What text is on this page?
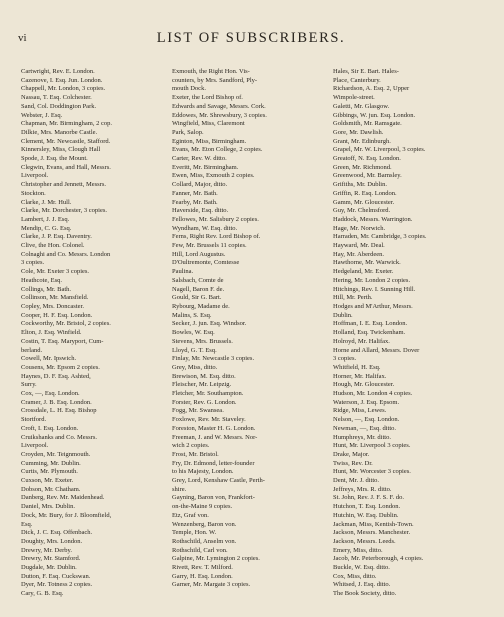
vi	LIST OF SUBSCRIBERS.
Cartwright, Rev. E. London.
Cazenove, I. Esq. Jun. London.
Chappell, Mr. London, 3 copies.
Nassau, T. Esq. Colchester.
Sand, Col. Doddington Park.
Webster, J. Esq.
Chapman, Mr. Birmingham, 2 cop.
Dilkie, Mrs. Manorbe Castle.
Clement, Mr. Newcastle, Stafford.
Kinnersley, Miss, Clough Hall
Spode, J. Esq. the Mount.
Clegwin, Evans, and Hall, Messrs.
Liverpool.
Christopher and Jennett, Messrs.
Stockton.
Clarke, J. Mr. Hull.
Clarke, Mr. Dorchester, 3 copies.
Lambert, J. J. Esq.
Mendip, C. G. Esq.
Clarke, J. P. Esq. Daventry.
Clive, the Hon. Colonel.
Colnaghi and Co. Messrs. London
3 copies.
Cole, Mr. Exeter 3 copies.
Heathcote, Esq.
Collings, Mr. Bath.
Collinson, Mr. Mansfield.
Copley, Mrs. Doncaster.
Cooper, H. F. Esq. London.
Cockworthy, Mr. Bristol, 2 copies.
Elton, J. Esq. Winfield.
Costin, T. Esq. Maryport, Cum-
berland.
Cowell, Mr. Ipswich.
Cousens, Mr. Epsom 2 copies.
Haynes, D. F. Esq. Ashted,
Surry.
Cox, —, Esq. London.
Cramer, J. B. Esq. London.
Crossdale, L. H. Esq. Bishop
Stortford.
Croft, I. Esq. London.
Cruikshanks and Co. Messrs.
Liverpool.
Croyden, Mr. Teignmouth.
Cumming, Mr. Dublin.
Curtis, Mr. Plymouth.
Cuxson, Mr. Exeter.
Dobson, Mr. Chatham.
Danberg, Rev. Mr. Maidenhead.
Daniel, Mrs. Dublin.
Dock, Mr. Bury, for J. Bloomfield,
Esq.
Dick, J. C. Esq. Offenbach.
Doughty, Mrs. London.
Drewry, Mr. Derby.
Drewry, Mr. Stamford.
Dugdale, Mr. Dublin.
Dutton, F. Esq. Cuckswan.
Dyer, Mr. Totness 2 copies.
Cary, G. B. Esq.
Exmouth, the Right Hon. Vis-
counters, by Mrs. Sandford, Ply-
mouth Dock.
Exeter, the Lord Bishop of.
Edwards and Savage, Messrs. Cork.
Eddowes, Mr. Shrewsbury, 3 copies.
Wingfield, Miss, Claremont
Park, Salop.
Eginton, Miss, Birmingham.
Evans, Mr. Eton College, 2 copies.
Carter, Rev. W. ditto.
Everitt, Mr. Birmingham.
Ewen, Miss, Exmouth 2 copies.
Collard, Major, ditto.
Fanner, Mr. Bath.
Fearby, Mr. Bath.
Haverside, Esq. ditto.
Fellowes, Mr. Salisbury 2 copies.
Wyndham, W. Esq. ditto.
Ferns, Right Rev. Lord Bishop of.
Few, Mr. Brussels 11 copies.
Hill, Lord Augustus.
D'Oultremonte, Comtesse
Paulina.
Salsbach, Comte de
Nagell, Baron F. de.
Gould, Sir G. Bart.
Rybourg, Madame de.
Malins, S. Esq.
Secker, J. jun. Esq. Windsor.
Bowles, W. Esq.
Stevens, Mrs. Brussels.
Lloyd, G. T. Esq.
Finlay, Mr. Newcastle 3 copies.
Grey, Miss, ditto.
Brewison, M. Esq. ditto.
Fleischer, Mr. Leipzig.
Fletcher, Mr. Southampton.
Forster, Rev. G. London.
Fogg, Mr. Swansea.
Foxlowe, Rev. Mr. Staveley.
Foreston, Master H. G. London.
Freeman, J. and W. Messrs. Nor-
wich 2 copies.
Frost, Mr. Bristol.
Fry, Dr. Edmond, letter-founder
to his Majesty, London.
Grey, Lord, Kenshaw Castle, Perth-
shire.
Gayning, Baron von, Frankfort-
on-the-Maine 9 copies.
Etz, Graf von.
Wenzenberg, Baron von.
Temple, Hon. W.
Rothschild, Anselm von.
Rothschild, Carl von.
Galpine, Mr. Lymington 2 copies.
Rivett, Rev. T. Milford.
Garry, H. Esq. London.
Garner, Mr. Margate 3 copies.
Hales, Sir E. Bart. Hales-
Place, Canterbury.
Richardson, A. Esq. 2, Upper
Wimpole-street.
Galetti, Mr. Glasgow.
Gibbings, W. jun. Esq. London.
Goldsmith, Mr. Ramsgate.
Gore, Mr. Dawlish.
Grant, Mr. Edinburgh.
Grapel, Mr. W. Liverpool, 3 copies.
Greatoff, N. Esq. London.
Green, Mr. Richmond.
Greenwood, Mr. Barnsley.
Grifiths, Mr. Dublin.
Griffin, R. Esq. London.
Gamm, Mr. Gloucester.
Guy, Mr. Chelmsford.
Haddock, Messrs. Warrington.
Hage, Mr. Norwich.
Harraden, Mr. Cambridge, 3 copies.
Hayward, Mr. Deal.
Hay, Mr. Aberdeen.
Hawthorne, Mr. Warwick.
Hedgeland, Mr. Exeter.
Hering, Mr. London 2 copies.
Hitchings, Rev. I. Sunning Hill.
Hill, Mr. Perth.
Hodges and M'Arthur, Messrs.
Dublin.
Hoffman, I. E. Esq. London.
Holland, Esq. Twickenham.
Holroyd, Mr. Halifax.
Horne and Allard, Messrs. Dover
3 copies.
Whitfield, H. Esq.
Horner, Mr. Halifax.
Hough, Mr. Gloucester.
Hudson, Mr. London 4 copies.
Waterson, J. Esq. Epsom.
Ridge, Miss, Lewes.
Nelson, —, Esq. London.
Newman, —, Esq. ditto.
Humphreys, Mr. ditto.
Hunt, Mr. Liverpool 3 copies.
Drake, Major.
Twiss, Rev. Dr.
Hunt, Mr. Worcester 3 copies.
Dent, Mr. J. ditto.
Jeffreys, Mrs. R. ditto.
St. John, Rev. J. F. S. F. do.
Hutchon, T. Esq. London.
Hutchin, W. Esq. Dublin.
Jackman, Miss, Kentish-Town.
Jackson, Messrs. Manchester.
Jackson, Messrs. Leeds.
Emery, Miss, ditto.
Jacob, Mr. Peterborough, 4 copies.
Buckle, W. Esq. ditto.
Cox, Miss, ditto.
Whitsed, J. Esq. ditto.
The Book Society, ditto.
